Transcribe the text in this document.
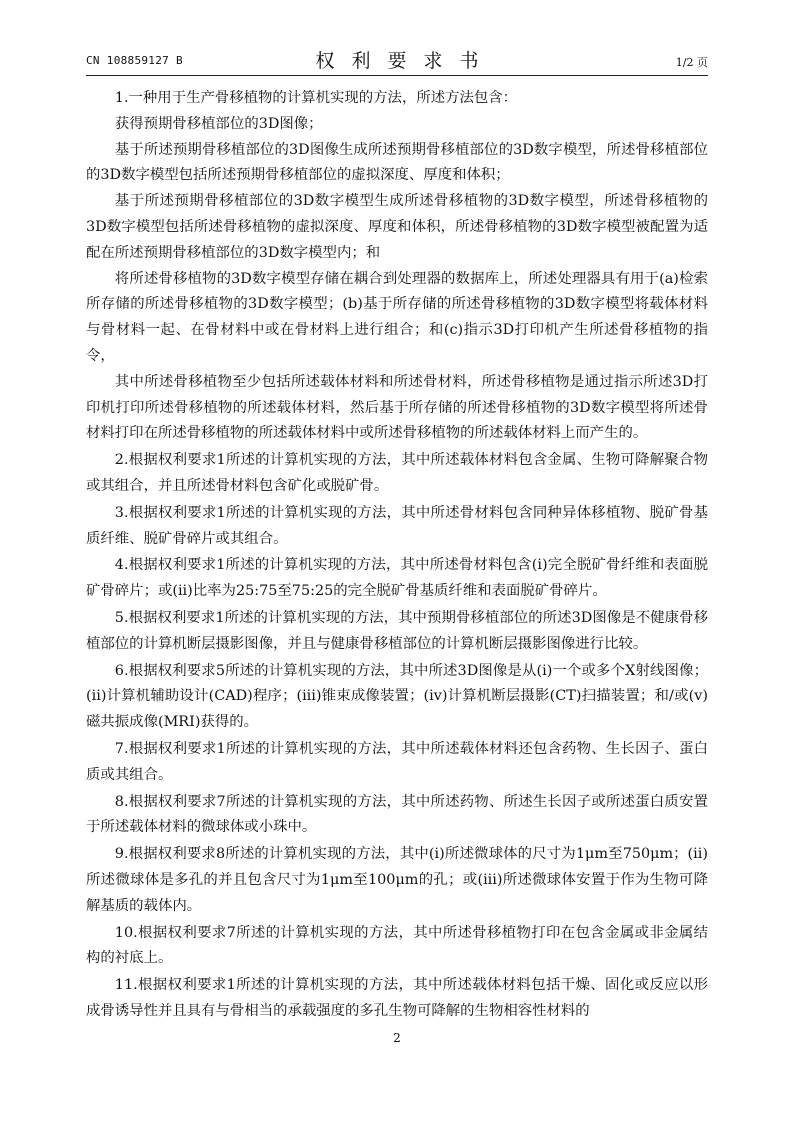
CN 108859127 B	权利要求书	1/2 页

1.一种用于生产骨移植物的计算机实现的方法，所述方法包含：

获得预期骨移植部位的3D图像；

基于所述预期骨移植部位的3D图像生成所述预期骨移植部位的3D数字模型，所述骨移植部位的3D数字模型包括所述预期骨移植部位的虚拟深度、厚度和体积；

基于所述预期骨移植部位的3D数字模型生成所述骨移植物的3D数字模型，所述骨移植物的3D数字模型包括所述骨移植物的虚拟深度、厚度和体积，所述骨移植物的3D数字模型被配置为适配在所述预期骨移植部位的3D数字模型内；和

将所述骨移植物的3D数字模型存储在耦合到处理器的数据库上，所述处理器具有用于(a)检索所存储的所述骨移植物的3D数字模型；(b)基于所存储的所述骨移植物的3D数字模型将载体材料与骨材料一起、在骨材料中或在骨材料上进行组合；和(c)指示3D打印机产生所述骨移植物的指令，

其中所述骨移植物至少包括所述载体材料和所述骨材料，所述骨移植物是通过指示所述3D打印机打印所述骨移植物的所述载体材料，然后基于所存储的所述骨移植物的3D数字模型将所述骨材料打印在所述骨移植物的所述载体材料中或所述骨移植物的所述载体材料上而产生的。

2.根据权利要求1所述的计算机实现的方法，其中所述载体材料包含金属、生物可降解聚合物或其组合，并且所述骨材料包含矿化或脱矿骨。

3.根据权利要求1所述的计算机实现的方法，其中所述骨材料包含同种异体移植物、脱矿骨基质纤维、脱矿骨碎片或其组合。

4.根据权利要求1所述的计算机实现的方法，其中所述骨材料包含(i)完全脱矿骨纤维和表面脱矿骨碎片；或(ii)比率为25:75至75:25的完全脱矿骨基质纤维和表面脱矿骨碎片。

5.根据权利要求1所述的计算机实现的方法，其中预期骨移植部位的所述3D图像是不健康骨移植部位的计算机断层摄影图像，并且与健康骨移植部位的计算机断层摄影图像进行比较。

6.根据权利要求5所述的计算机实现的方法，其中所述3D图像是从(i)一个或多个X射线图像；(ii)计算机辅助设计(CAD)程序；(iii)锥束成像装置；(iv)计算机断层摄影(CT)扫描装置；和/或(v)磁共振成像(MRI)获得的。

7.根据权利要求1所述的计算机实现的方法，其中所述载体材料还包含药物、生长因子、蛋白质或其组合。

8.根据权利要求7所述的计算机实现的方法，其中所述药物、所述生长因子或所述蛋白质安置于所述载体材料的微球体或小珠中。

9.根据权利要求8所述的计算机实现的方法，其中(i)所述微球体的尺寸为1μm至750μm；(ii)所述微球体是多孔的并且包含尺寸为1μm至100μm的孔；或(iii)所述微球体安置于作为生物可降解基质的载体内。

10.根据权利要求7所述的计算机实现的方法，其中所述骨移植物打印在包含金属或非金属结构的衬底上。

11.根据权利要求1所述的计算机实现的方法，其中所述载体材料包括干燥、固化或反应以形成骨诱导性并且具有与骨相当的承载强度的多孔生物可降解的生物相容性材料的

2
